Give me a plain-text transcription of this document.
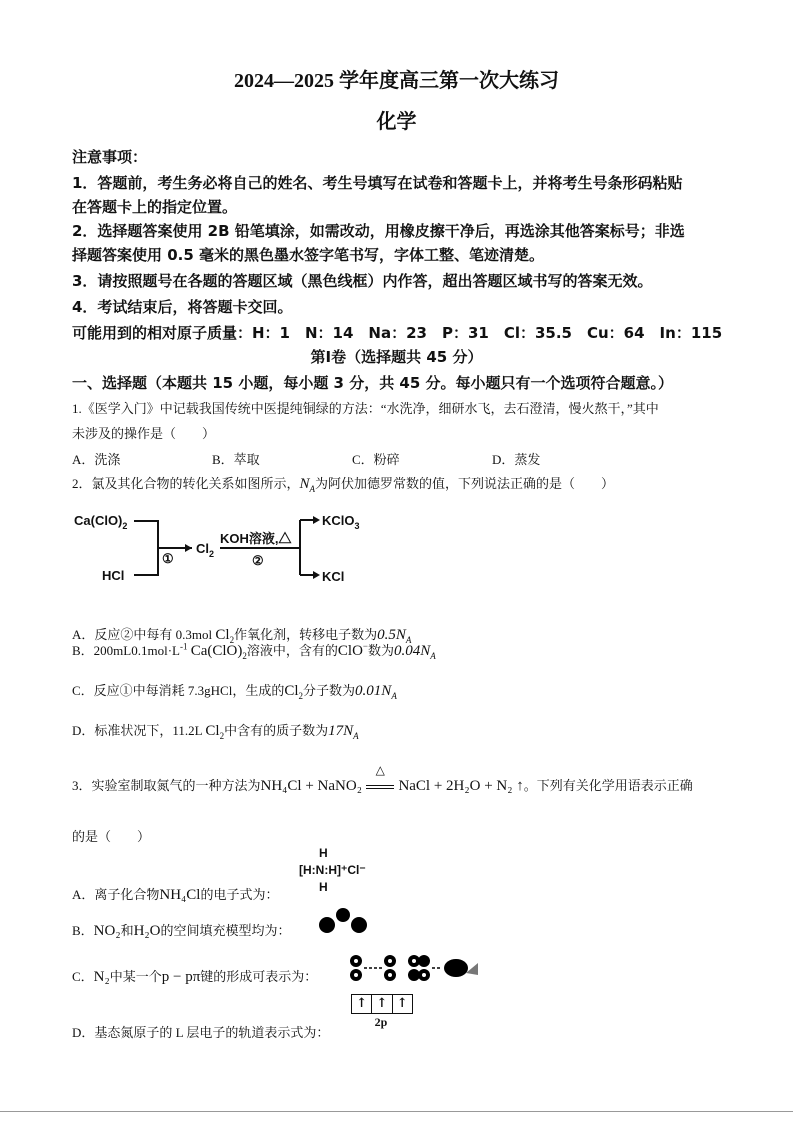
2024—2025 学年度高三第一次大练习
化学
注意事项：
1．答题前，考生务必将自己的姓名、考生号填写在试卷和答题卡上，并将考生号条形码粘贴
在答题卡上的指定位置。
2．选择题答案使用 2B 铅笔填涂，如需改动，用橡皮擦干净后，再选涂其他答案标号；非选
择题答案使用 0.5 毫米的黑色墨水签字笔书写，字体工整、笔迹清楚。
3．请按照题号在各题的答题区域（黑色线框）内作答，超出答题区域书写的答案无效。
4．考试结束后，将答题卡交回。
可能用到的相对原子质量：H：1　N：14　Na：23　P：31　Cl：35.5　Cu：64　In：115
第Ⅰ卷（选择题共 45 分）
一、选择题（本题共 15 小题，每小题 3 分，共 45 分。每小题只有一个选项符合题意。）
1.《医学入门》中记载我国传统中医提纯铜绿的方法：“水洗净，细研水飞，去石澄清，慢火熬干，”其中
未涉及的操作是（　　）
A．洗涤	B．萃取	C．粉碎	D．蒸发
2．氯及其化合物的转化关系如图所示，$N_A$为阿伏加德罗常数的值，下列说法正确的是（　　）
$Ca(ClO)_2$
HCl
①
$Cl_2$
KOH溶液,△
②
KClO$_3$
KCl
A．反应②中每有 0.3mol $Cl_2$作氧化剂，转移电子数为$0.5N_A$
B．$200mL0.1mol\cdot L^{-1}$ $Ca(ClO)_2$溶液中，含有的ClO−数为$0.04N_A$
C．反应①中每消耗 7.3gHCl，生成的$Cl_2$分子数为$0.01N_A$
D．标准状况下，11.2L $Cl_2$中含有的质子数为$17N_A$
3．实验室制取氮气的一种方法为NH₄Cl + NaNO₂
△
NaCl + 2H₂O + N₂ ↑。下列有关化学用语表示正确
的是（　　）
A．离子化合物NH₄Cl的电子式为：
H
[H:N:H]⁺Cl⁻
H
B．NO₂和H₂O的空间填充模型均为：
C．N₂中某一个p − pπ键的形成可表示为：
D．基态氮原子的 L 层电子的轨道表示式为：
↑ ↑ ↑
2p
